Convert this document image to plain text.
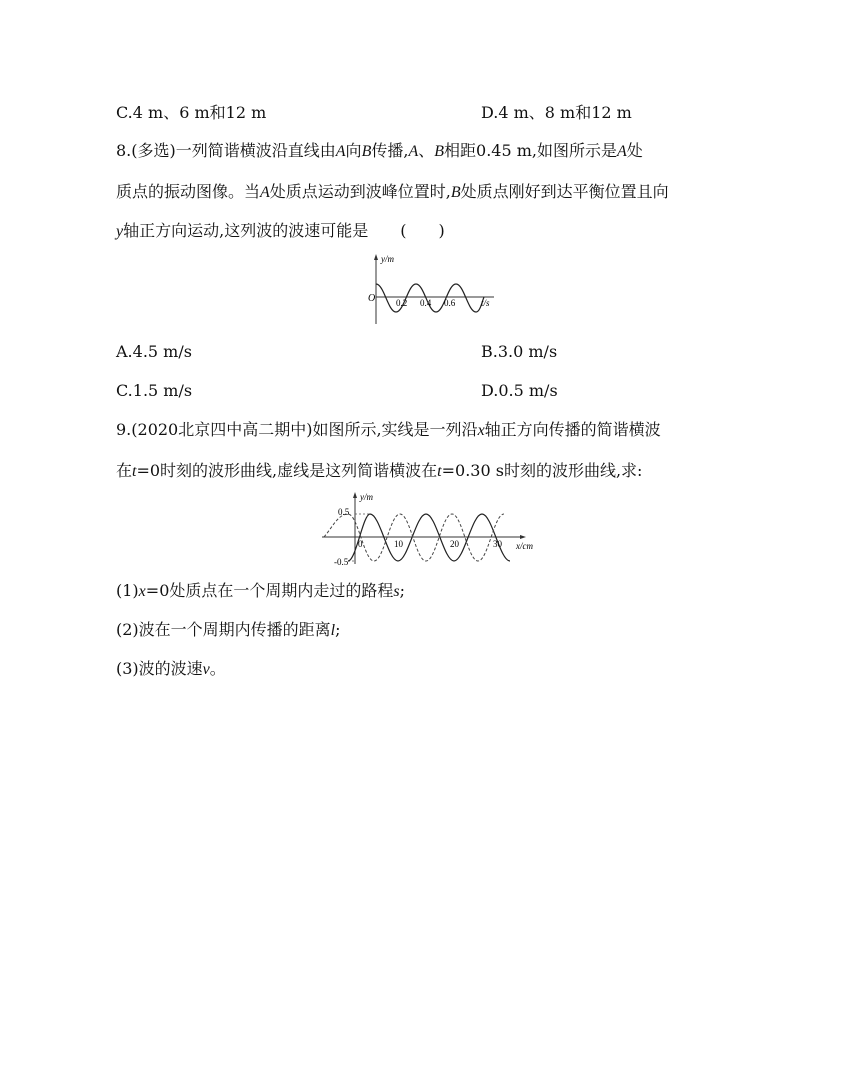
C.4 m、6 m和12 m	D.4 m、8 m和12 m
8.(多选)一列简谐横波沿直线由A向B传播,A、B相距0.45 m,如图所示是A处
质点的振动图像。当A处质点运动到波峰位置时,B处质点刚好到达平衡位置且向
y轴正方向运动,这列波的波速可能是　　(　　)
y/m
O 0.2 0.4 0.6	t/s
A.4.5 m/s	B.3.0 m/s
C.1.5 m/s	D.0.5 m/s
9.(2020北京四中高二期中)如图所示,实线是一列沿x轴正方向传播的简谐横波
在t=0时刻的波形曲线,虚线是这列简谐横波在t=0.30 s时刻的波形曲线,求:
y/m
0.5
-0.5
0	10	20	30 x/cm
(1)x=0处质点在一个周期内走过的路程s;
(2)波在一个周期内传播的距离l;
(3)波的波速v。
